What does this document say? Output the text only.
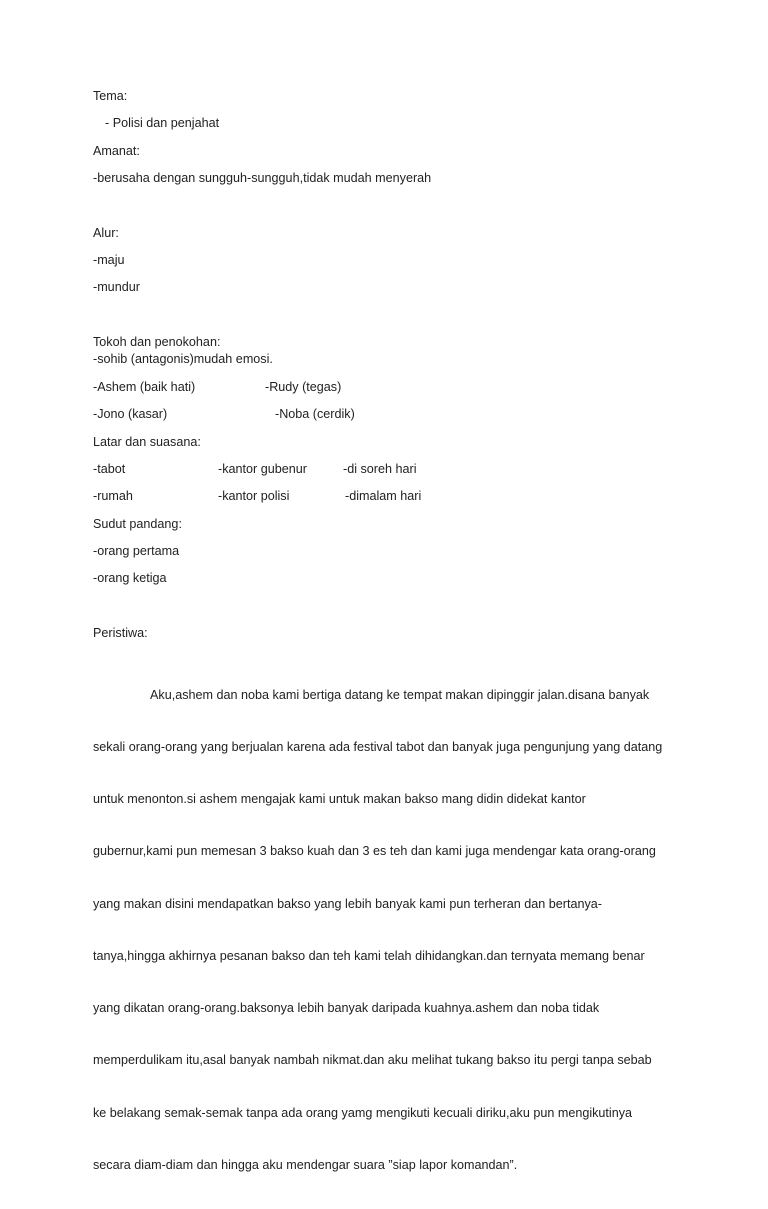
Tema:
- Polisi dan penjahat
Amanat:
-berusaha dengan sungguh-sungguh,tidak mudah menyerah
Alur:
-maju
-mundur
Tokoh dan penokohan:
-sohib (antagonis)mudah emosi.
-Ashem (baik hati)	-Rudy (tegas)
-Jono (kasar)	-Noba (cerdik)
Latar dan suasana:
-tabot	-kantor gubenur	-di soreh hari
-rumah	-kantor polisi	-dimalam hari
Sudut pandang:
-orang pertama
-orang ketiga
Peristiwa:

Aku,ashem dan noba kami bertiga datang ke tempat makan dipinggir jalan.disana banyak

sekali orang-orang yang berjualan karena ada festival tabot dan banyak juga pengunjung yang datang

untuk menonton.si ashem mengajak kami untuk makan bakso mang didin didekat kantor

gubernur,kami pun memesan 3 bakso kuah dan 3 es teh dan kami juga mendengar kata orang-orang

yang makan disini mendapatkan bakso yang lebih banyak kami pun terheran dan bertanya-

tanya,hingga akhirnya pesanan bakso dan teh kami telah dihidangkan.dan ternyata memang benar

yang dikatan orang-orang.baksonya lebih banyak daripada kuahnya.ashem dan noba tidak

memperdulikam itu,asal banyak nambah nikmat.dan aku melihat tukang bakso itu pergi tanpa sebab

ke belakang semak-semak tanpa ada orang yamg mengikuti kecuali diriku,aku pun mengikutinya

secara diam-diam dan hingga aku mendengar suara ”siap lapor komandan”.
